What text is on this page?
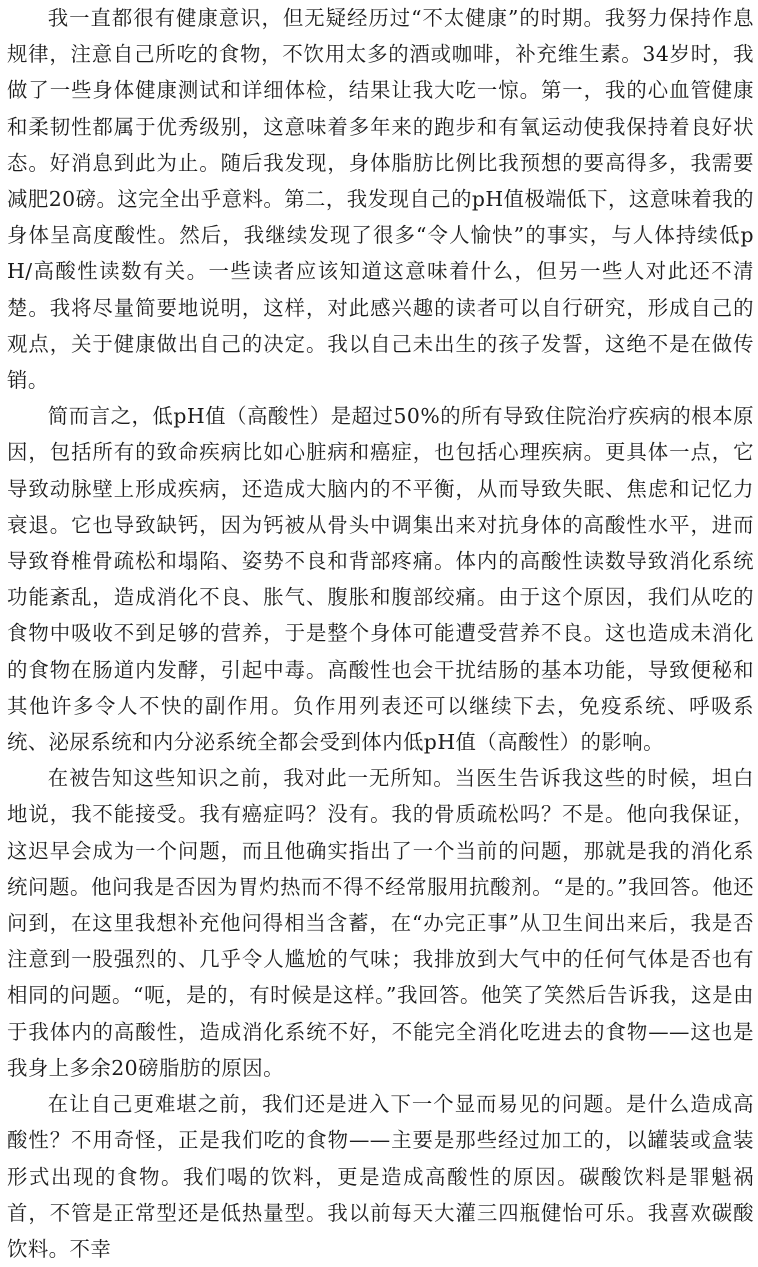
我一直都很有健康意识，但无疑经历过“不太健康”的时期。我努力保持作息规律，注意自己所吃的食物，不饮用太多的酒或咖啡，补充维生素。34岁时，我做了一些身体健康测试和详细体检，结果让我大吃一惊。第一，我的心血管健康和柔韧性都属于优秀级别，这意味着多年来的跑步和有氧运动使我保持着良好状态。好消息到此为止。随后我发现，身体脂肪比例比我预想的要高得多，我需要减肥20磅。这完全出乎意料。第二，我发现自己的pH值极端低下，这意味着我的身体呈高度酸性。然后，我继续发现了很多“令人愉快”的事实，与人体持续低pH/高酸性读数有关。一些读者应该知道这意味着什么，但另一些人对此还不清楚。我将尽量简要地说明，这样，对此感兴趣的读者可以自行研究，形成自己的观点，关于健康做出自己的决定。我以自己未出生的孩子发誓，这绝不是在做传销。

简而言之，低pH值（高酸性）是超过50%的所有导致住院治疗疾病的根本原因，包括所有的致命疾病比如心脏病和癌症，也包括心理疾病。更具体一点，它导致动脉壁上形成疾病，还造成大脑内的不平衡，从而导致失眠、焦虑和记忆力衰退。它也导致缺钙，因为钙被从骨头中调集出来对抗身体的高酸性水平，进而导致脊椎骨疏松和塌陷、姿势不良和背部疼痛。体内的高酸性读数导致消化系统功能紊乱，造成消化不良、胀气、腹胀和腹部绞痛。由于这个原因，我们从吃的食物中吸收不到足够的营养，于是整个身体可能遭受营养不良。这也造成未消化的食物在肠道内发酵，引起中毒。高酸性也会干扰结肠的基本功能，导致便秘和其他许多令人不快的副作用。负作用列表还可以继续下去，免疫系统、呼吸系统、泌尿系统和内分泌系统全都会受到体内低pH值（高酸性）的影响。

在被告知这些知识之前，我对此一无所知。当医生告诉我这些的时候，坦白地说，我不能接受。我有癌症吗？没有。我的骨质疏松吗？不是。他向我保证，这迟早会成为一个问题，而且他确实指出了一个当前的问题，那就是我的消化系统问题。他问我是否因为胃灼热而不得不经常服用抗酸剂。“是的。”我回答。他还问到，在这里我想补充他问得相当含蓄，在“办完正事”从卫生间出来后，我是否注意到一股强烈的、几乎令人尴尬的气味；我排放到大气中的任何气体是否也有相同的问题。“呃，是的，有时候是这样。”我回答。他笑了笑然后告诉我，这是由于我体内的高酸性，造成消化系统不好，不能完全消化吃进去的食物——这也是我身上多余20磅脂肪的原因。

在让自己更难堪之前，我们还是进入下一个显而易见的问题。是什么造成高酸性？不用奇怪，正是我们吃的食物——主要是那些经过加工的，以罐装或盒装形式出现的食物。我们喝的饮料，更是造成高酸性的原因。碳酸饮料是罪魁祸首，不管是正常型还是低热量型。我以前每天大灌三四瓶健怡可乐。我喜欢碳酸饮料。不幸
